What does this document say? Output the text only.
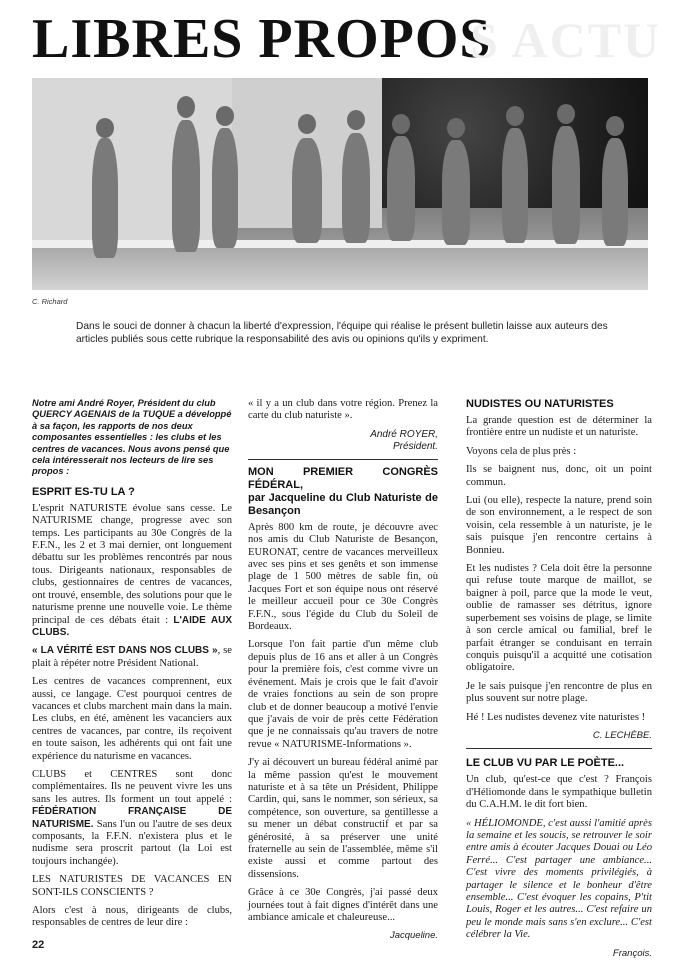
LIBRES PROPOS
S ACTU
C. Richard
Dans le souci de donner à chacun la liberté d'expression, l'équipe qui réalise le présent bulletin laisse aux auteurs des articles publiés sous cette rubrique la responsabilité des avis ou opinions qu'ils y expriment.

Notre ami André Royer, Président du club QUERCY AGENAIS de la TUQUE a développé à sa façon, les rapports de nos deux composantes essentielles : les clubs et les centres de vacances. Nous avons pensé que cela intéresserait nos lecteurs de lire ses propos :

ESPRIT ES-TU LA ?

L'esprit NATURISTE évolue sans cesse. Le NATURISME change, progresse avec son temps. Les participants au 30e Congrès de la F.F.N., les 2 et 3 mai dernier, ont longuement débattu sur les problèmes rencontrés par nous tous. Dirigeants nationaux, responsables de clubs, gestionnaires de centres de vacances, ont trouvé, ensemble, des solutions pour que le naturisme prenne une nouvelle voie. Le thème principal de ces débats était : L'AIDE AUX CLUBS.

« LA VÉRITÉ EST DANS NOS CLUBS », se plait à répéter notre Président National.

Les centres de vacances comprennent, eux aussi, ce langage. C'est pourquoi centres de vacances et clubs marchent main dans la main. Les clubs, en été, amènent les vacanciers aux centres de vacances, par contre, ils reçoivent en toute saison, les adhérents qui ont fait une expérience du naturisme en vacances.

CLUBS et CENTRES sont donc complémentaires. Ils ne peuvent vivre les uns sans les autres. Ils forment un tout appelé : FÉDÉRATION FRANÇAISE DE NATURISME. Sans l'un ou l'autre de ses deux composants, la F.F.N. n'existera plus et le nudisme sera proscrit partout (la Loi est toujours inchangée).

LES NATURISTES DE VACANCES EN SONT-ILS CONSCIENTS ?

Alors c'est à nous, dirigeants de clubs, responsables de centres de leur dire :

« il y a un club dans votre région. Prenez la carte du club naturiste ».

André ROYER,
Président.
MON PREMIER CONGRÈS FÉDÉRAL,
par Jacqueline du Club Naturiste de Besançon

Après 800 km de route, je découvre avec nos amis du Club Naturiste de Besançon, EURONAT, centre de vacances merveilleux avec ses pins et ses genêts et son immense plage de 1 500 mètres de sable fin, où Jacques Fort et son équipe nous ont réservé le meilleur accueil pour ce 30e Congrès F.F.N., sous l'égide du Club du Soleil de Bordeaux.

Lorsque l'on fait partie d'un même club depuis plus de 16 ans et aller à un Congrès pour la première fois, c'est comme vivre un événement. Mais je crois que le fait d'avoir de vraies fonctions au sein de son propre club et de donner beaucoup a motivé l'envie que j'avais de voir de près cette Fédération que je ne connaissais qu'au travers de notre revue « NATURISME-Informations ».

J'y ai découvert un bureau fédéral animé par la même passion qu'est le mouvement naturiste et à sa tête un Président, Philippe Cardin, qui, sans le nommer, son sérieux, sa compétence, son ouverture, sa gentillesse a su mener un débat constructif et par sa générosité, à sa préserver une unité fraternelle au sein de l'assemblée, même s'il existe aussi et comme partout des dissensions.

Grâce à ce 30e Congrès, j'ai passé deux journées tout à fait dignes d'intérêt dans une ambiance amicale et chaleureuse...

Jacqueline.
NUDISTES OU NATURISTES

La grande question est de déterminer la frontière entre un nudiste et un naturiste.

Voyons cela de plus près :

Ils se baignent nus, donc, oit un point commun.

Lui (ou elle), respecte la nature, prend soin de son environnement, a le respect de son voisin, cela ressemble à un naturiste, je le sais puisque j'en rencontre certains à Bonnieu.

Et les nudistes ? Cela doit être la personne qui refuse toute marque de maillot, se baigner à poil, parce que la mode le veut, oublie de ramasser ses détritus, ignore superbement ses voisins de plage, se limite à son cercle amical ou familial, bref le parfait étranger se conduisant en terrain conquis puisqu'il a acquitté une cotisation obligatoire.

Je le sais puisque j'en rencontre de plus en plus souvent sur notre plage.

Hé ! Les nudistes devenez vite naturistes !

C. LECHÈBE.
LE CLUB VU PAR LE POÈTE...

Un club, qu'est-ce que c'est ? François d'Héliomonde dans le sympathique bulletin du C.A.H.M. le dit fort bien.

« HÉLIOMONDE, c'est aussi l'amitié après la semaine et les soucis, se retrouver le soir entre amis à écouter Jacques Douai ou Léo Ferré... C'est partager une ambiance... C'est vivre des moments privilégiés, à partager le silence et le bonheur d'être ensemble... C'est évoquer les copains, P'tit Louis, Roger et les autres... C'est refaire un peu le monde mais sans s'en exclure... C'est célébrer la Vie.

François.
22
